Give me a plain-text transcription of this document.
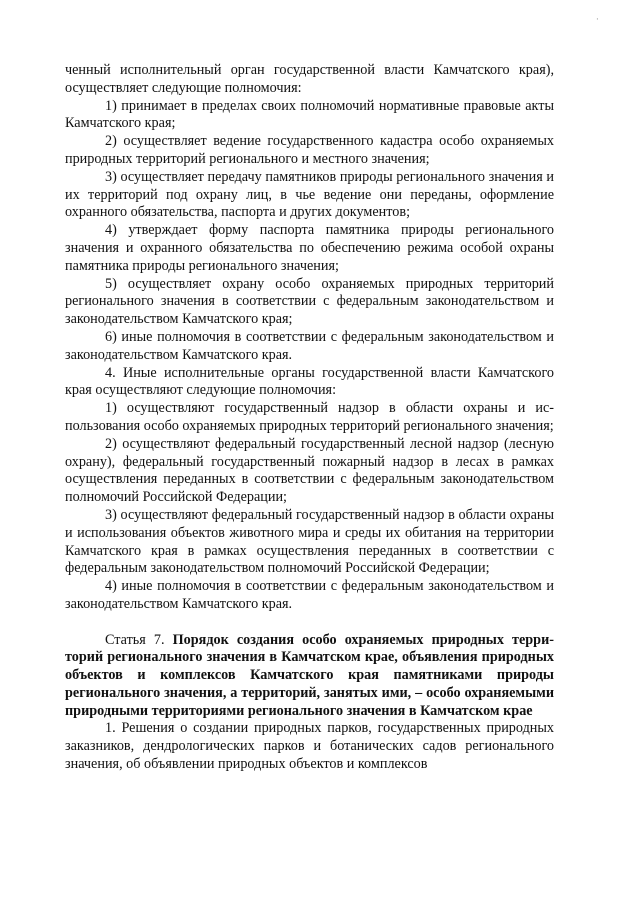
·

ченный исполнительный орган государственной власти Камчатского края), осуществляет следующие полномочия:

1) принимает в пределах своих полномочий нормативные правовые акты Камчатского края;

2) осуществляет ведение государственного кадастра особо охраняемых природных территорий регионального и местного значения;

3) осуществляет передачу памятников природы регионального значения и их территорий под охрану лиц, в чье ведение они переданы, оформление охранного обязательства, паспорта и других документов;

4) утверждает форму паспорта памятника природы регионального значения и охранного обязательства по обеспечению режима особой охраны памятника природы регионального значения;

5) осуществляет охрану особо охраняемых природных территорий регионального значения в соответствии с федеральным законодательством и законодательством Камчатского края;

6) иные полномочия в соответствии с федеральным законодательством и законодательством Камчатского края.

4. Иные исполнительные органы государственной власти Камчатского края осуществляют следующие полномочия:

1) осуществляют государственный надзор в области охраны и использования особо охраняемых природных территорий регионального значения;

2) осуществляют федеральный государственный лесной надзор (лесную охрану), федеральный государственный пожарный надзор в лесах в рамках осуществления переданных в соответствии с федеральным законодательством полномочий Российской Федерации;

3) осуществляют федеральный государственный надзор в области охраны и использования объектов животного мира и среды их обитания на территории Камчатского края в рамках осуществления переданных в соответствии с федеральным законодательством полномочий Российской Федерации;

4) иные полномочия в соответствии с федеральным законодательством и законодательством Камчатского края.

Статья 7. Порядок создания особо охраняемых природных территорий регионального значения в Камчатском крае, объявления природных объектов и комплексов Камчатского края памятниками природы регионального значения, а территорий, занятых ими, – особо охраняемыми природными территориями регионального значения в Камчатском крае

1. Решения о создании природных парков, государственных природных заказников, дендрологических парков и ботанических садов регионального значения, об объявлении природных объектов и комплексов
